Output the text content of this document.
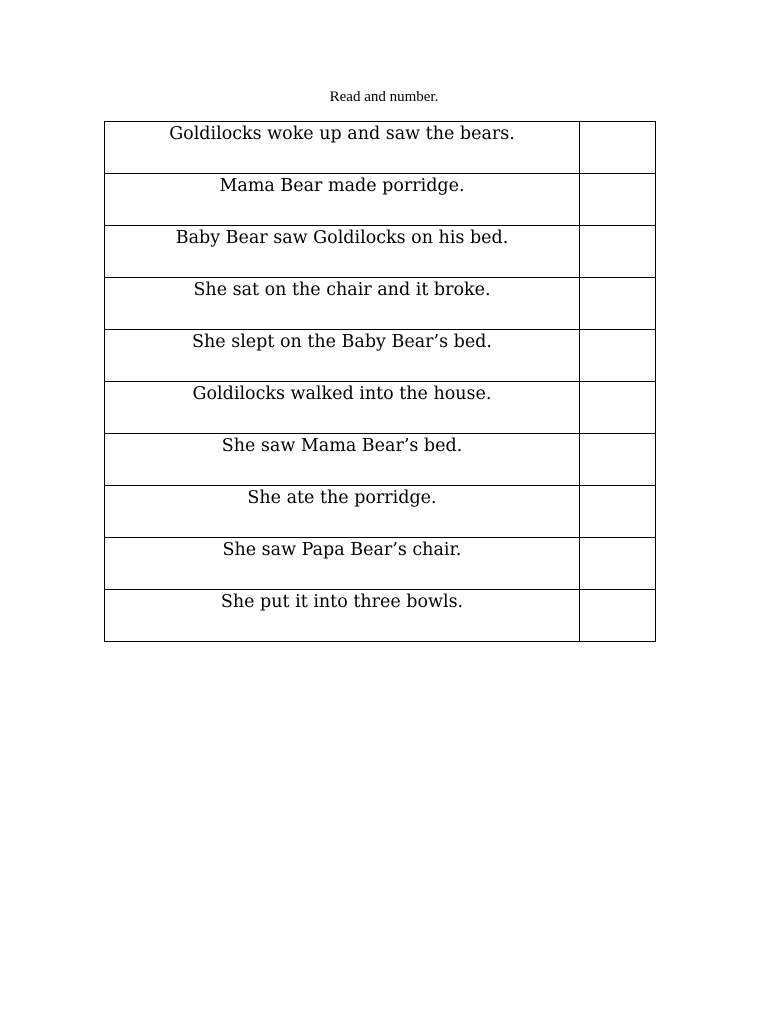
Read and number.
Goldilocks woke up and saw the bears.	
Mama Bear made porridge.	
Baby Bear saw Goldilocks on his bed.	
She sat on the chair and it broke.	
She slept on the Baby Bear’s bed.	
Goldilocks walked into the house.	
She saw Mama Bear’s bed.	
She ate the porridge.	
She saw Papa Bear’s chair.	
She put it into three bowls.	
